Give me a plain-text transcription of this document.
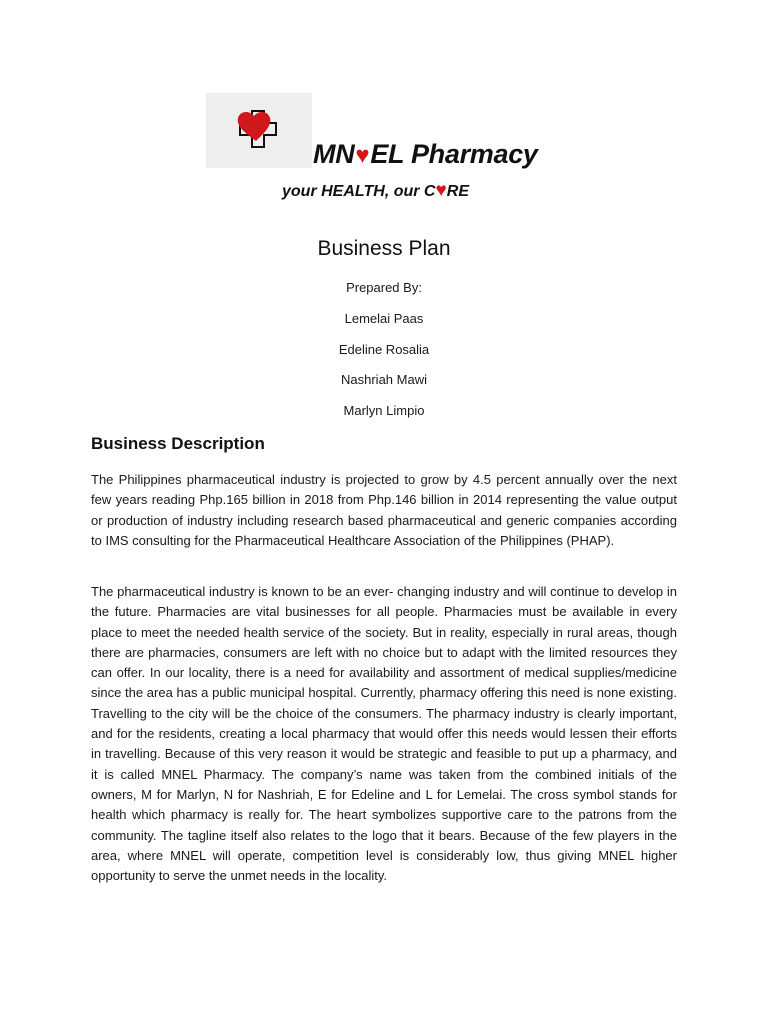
MN♥EL Pharmacy
your HEALTH, our C♥RE
Business Plan
Prepared By:
Lemelai Paas
Edeline Rosalia
Nashriah Mawi
Marlyn Limpio
Business Description

The Philippines pharmaceutical industry is projected to grow by 4.5 percent annually over the next few years reading Php.165 billion in 2018 from Php.146 billion in 2014 representing the value output or production of industry including research based pharmaceutical and generic companies according to IMS consulting for the Pharmaceutical Healthcare Association of the Philippines (PHAP).

The pharmaceutical industry is known to be an ever- changing industry and will continue to develop in the future. Pharmacies are vital businesses for all people. Pharmacies must be available in every place to meet the needed health service of the society. But in reality, especially in rural areas, though there are pharmacies, consumers are left with no choice but to adapt with the limited resources they can offer. In our locality, there is a need for availability and assortment of medical supplies/medicine since the area has a public municipal hospital. Currently, pharmacy offering this need is none existing. Travelling to the city will be the choice of the consumers. The pharmacy industry is clearly important, and for the residents, creating a local pharmacy that would offer this needs would lessen their efforts in travelling. Because of this very reason it would be strategic and feasible to put up a pharmacy, and it is called MNEL Pharmacy. The company’s name was taken from the combined initials of the owners, M for Marlyn, N for Nashriah, E for Edeline and L for Lemelai. The cross symbol stands for health which pharmacy is really for. The heart symbolizes supportive care to the patrons from the community. The tagline itself also relates to the logo that it bears. Because of the few players in the area, where MNEL will operate, competition level is considerably low, thus giving MNEL higher opportunity to serve the unmet needs in the locality.
